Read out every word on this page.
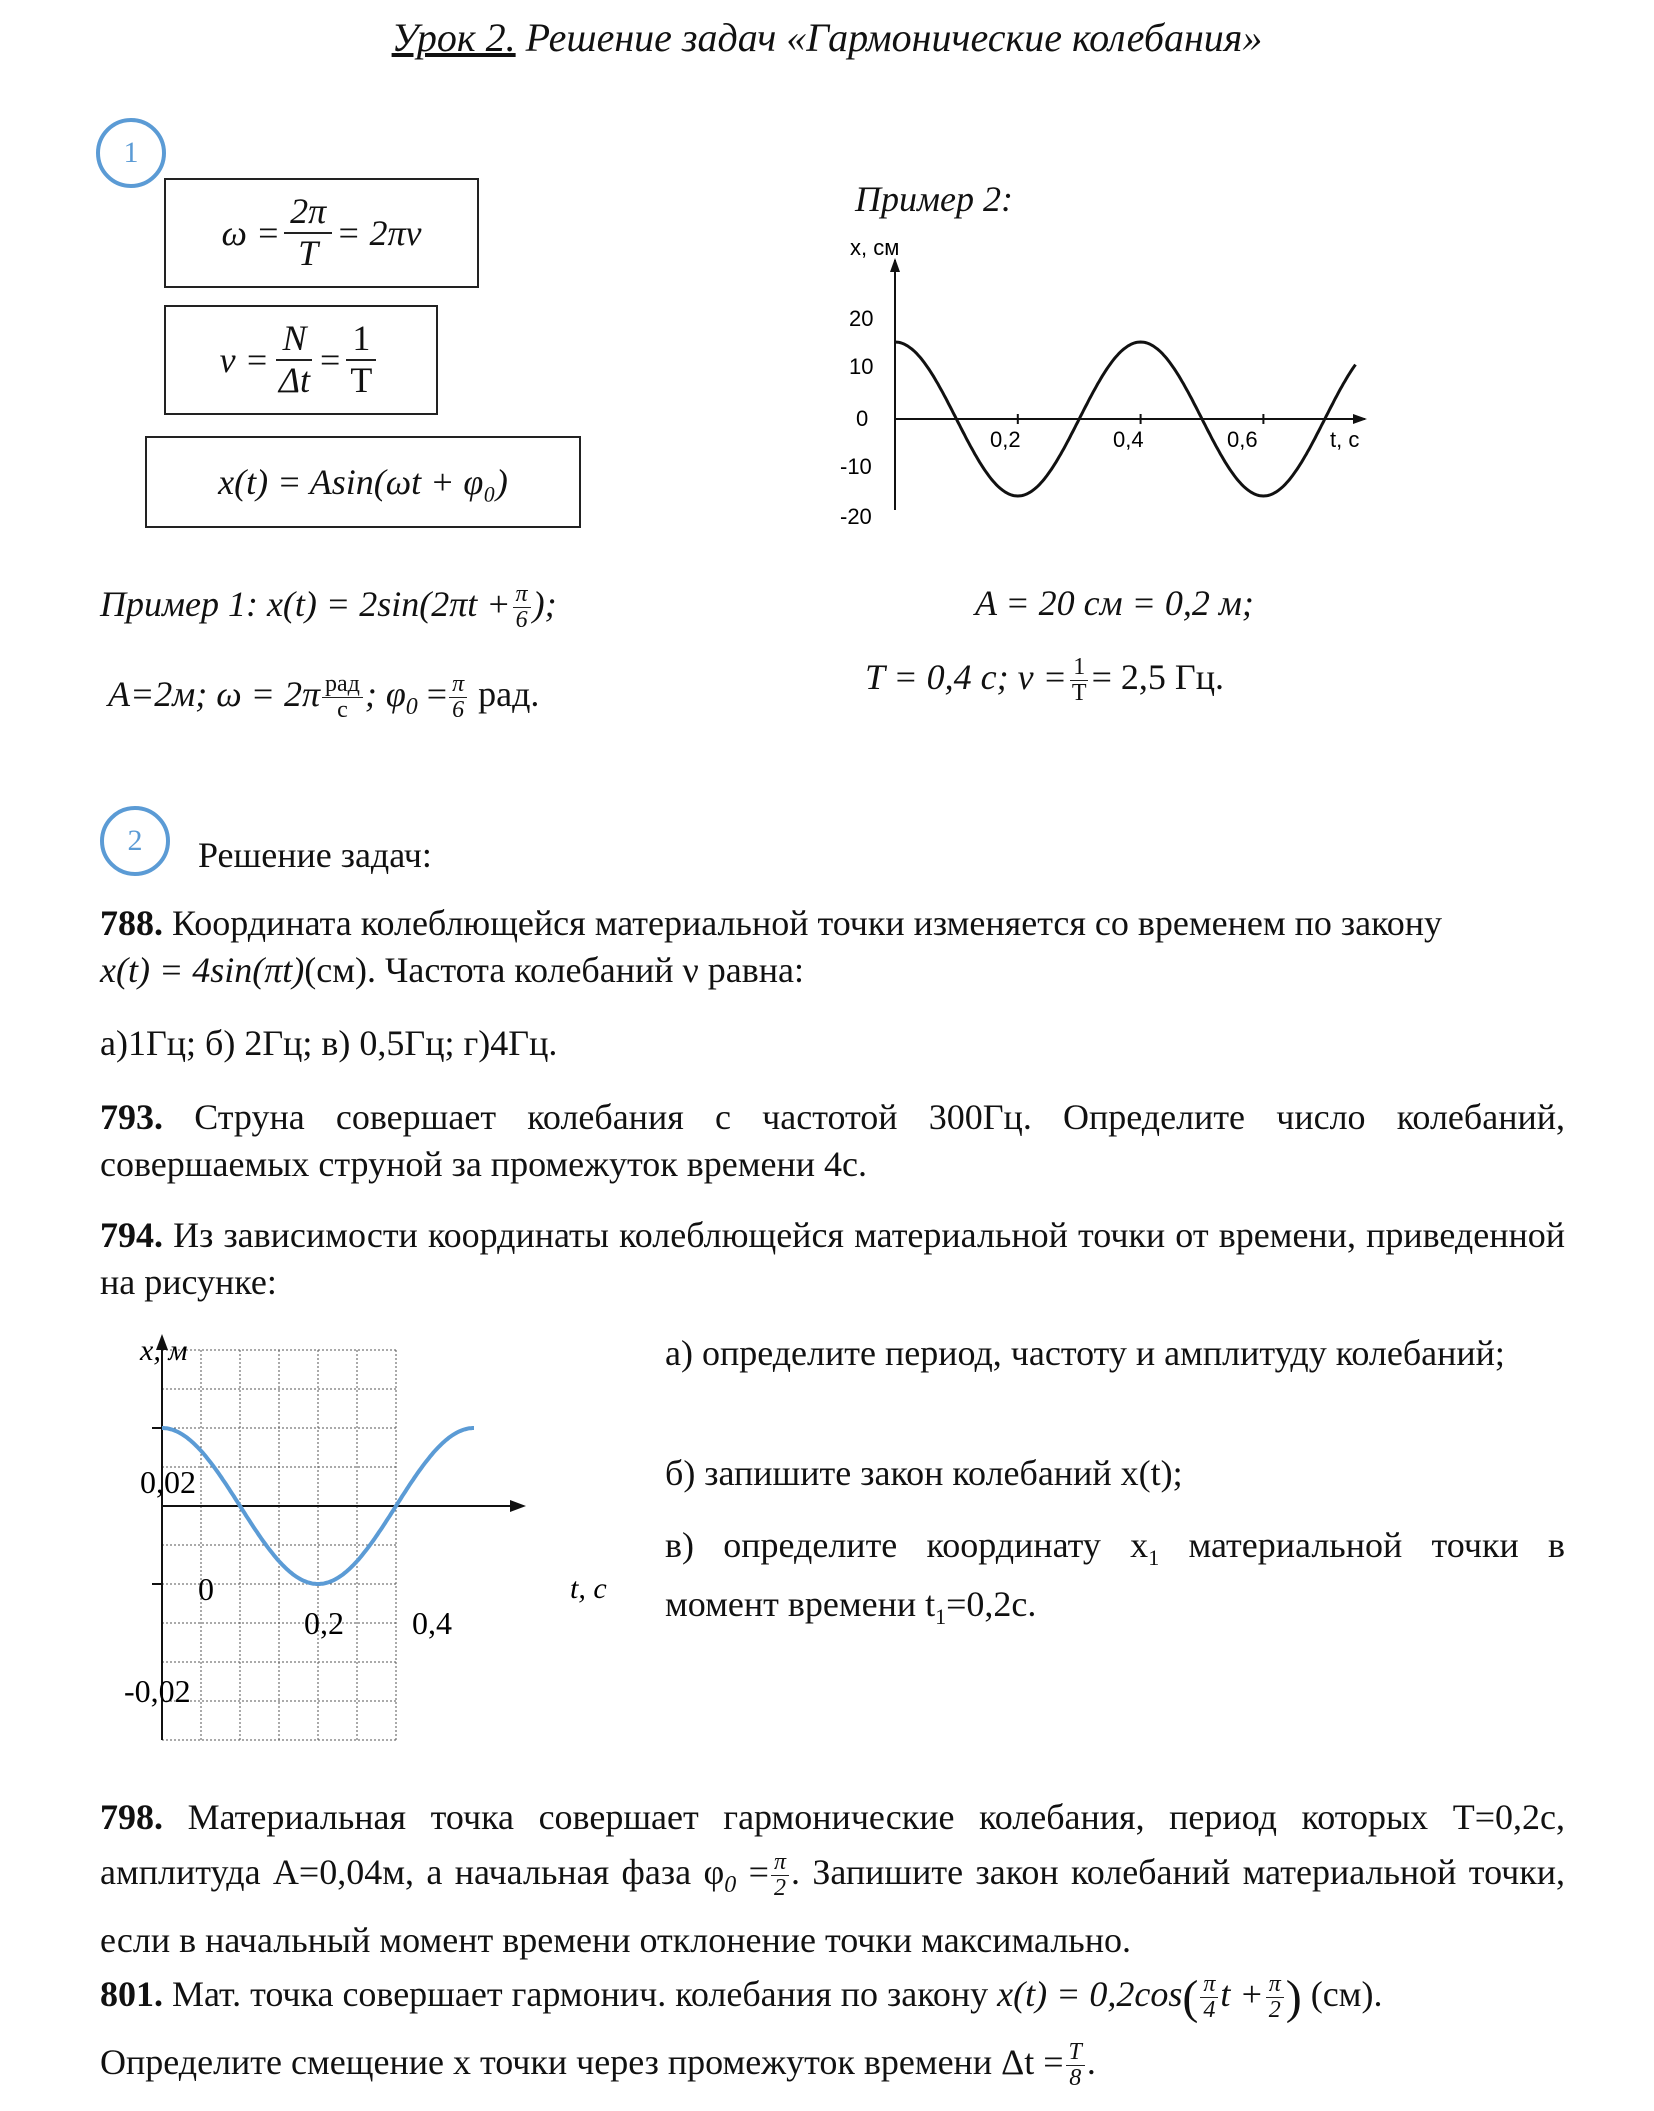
Урок 2. Решение задач «Гармонические колебания»
1
$\omega = \frac{2\pi}{T} = 2\pi\nu$
$\nu = \frac{N}{\Delta t} = \frac{1}{T}$
x(t) = Asin(ωt + φ₀)
Пример 1: $x(t) = 2\sin(2\pi t + \frac{\pi}{6}$ );
A=2м; $\omega = 2\pi \frac{\text{рад}}{с}$ ; $\varphi_0 = \frac{\pi}{6}$ рад.
Пример 2:
x, см
t, с
20
10
0
-10
-20
0,2	0,4	0,6
A = 20 см = 0,2 м;
T = 0,4 с; $\nu = \frac{1}{T} = 2,5$ Гц.
2	Решение задач:
788. Координата колеблющейся материальной точки изменяется со временем по закону
x(t) = 4sin(πt)(см). Частота колебаний ν равна:
а)1Гц; б) 2Гц; в) 0,5Гц; г)4Гц.
793. Струна совершает колебания с частотой 300Гц. Определите число колебаний, совершаемых струной за промежуток времени 4с.
794. Из зависимости координаты колеблющейся материальной точки от времени, приведенной на рисунке:
x, м
t, с
0,02
0
-0,02
0,2 0,4
а) определите период, частоту и амплитуду колебаний;
б) запишите закон колебаний x(t);
в) определите координату $x_1$ материальной точки в момент времени $t_1=0,2с$.
798. Материальная точка совершает гармонические колебания, период которых T=0,2с, амплитуда A=0,04м, а начальная фаза $\varphi_0 = \frac{\pi}{2}$ . Запишите закон колебаний материальной точки, если в начальный момент времени отклонение точки максимально.
801. Мат. точка совершает гармонич. колебания по закону $x(t) = 0,2\cos( \frac{\pi}{4}$ $t + \frac{\pi}{2}$ ) (см).
Определите смещение x точки через промежуток времени $\Delta t = \frac{T}{8}$ .
